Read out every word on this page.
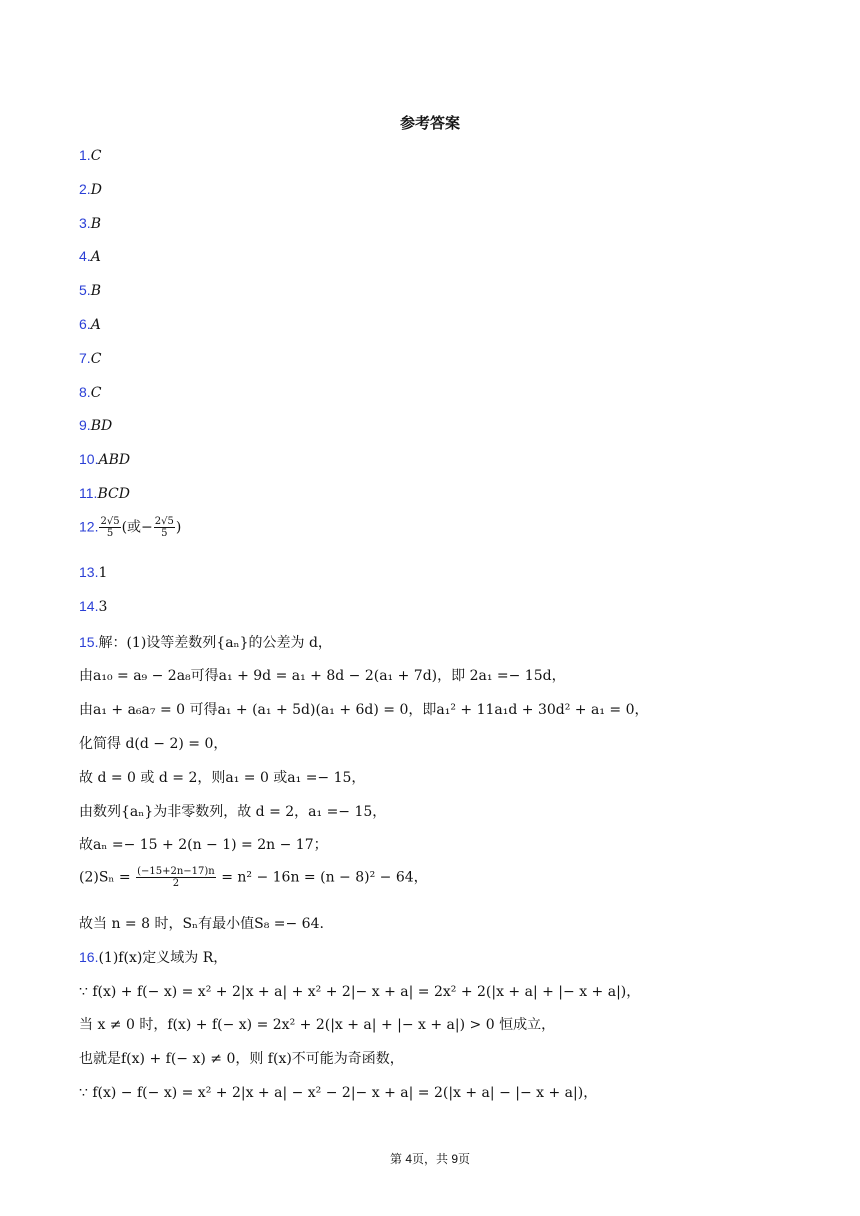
参考答案
1.C
2.D
3.B
4.A
5.B
6.A
7.C
8.C
9.BD
10.ABD
11.BCD
12. $\frac{2√5}{5}$ (或− $\frac{2√5}{5}$ )
13.1
14.3
15.解：(1)设等差数列{aₙ}的公差为 d，
由a₁₀ = a₉ − 2a₈可得a₁ + 9d = a₁ + 8d − 2(a₁ + 7d)，即 2a₁ =− 15d，
由a₁ + a₆a₇ = 0 可得a₁ + (a₁ + 5d)(a₁ + 6d) = 0，即a₁² + 11a₁d + 30d² + a₁ = 0，
化简得 d(d − 2) = 0，
故 d = 0 或 d = 2，则a₁ = 0 或a₁ =− 15，
由数列{aₙ}为非零数列，故 d = 2，a₁ =− 15，
故aₙ =− 15 + 2(n − 1) = 2n − 17；
$(2)S_n = \frac{(-15+2n-17)n}{2} = n^2 - 16n = (n - 8)^2 - 64$，
故当 n = 8 时，Sₙ有最小值S₈ =− 64.
16.(1)f(x)定义域为 R，
∵ f(x) + f(− x) = x² + 2|x + a| + x² + 2|− x + a| = 2x² + 2(|x + a| + |− x + a|)，
当 x ≠ 0 时，f(x) + f(− x) = 2x² + 2(|x + a| + |− x + a|) > 0 恒成立，
也就是f(x) + f(− x) ≠ 0，则 f(x)不可能为奇函数，
∵ f(x) − f(− x) = x² + 2|x + a| − x² − 2|− x + a| = 2(|x + a| − |− x + a|)，
第 4页，共 9页
